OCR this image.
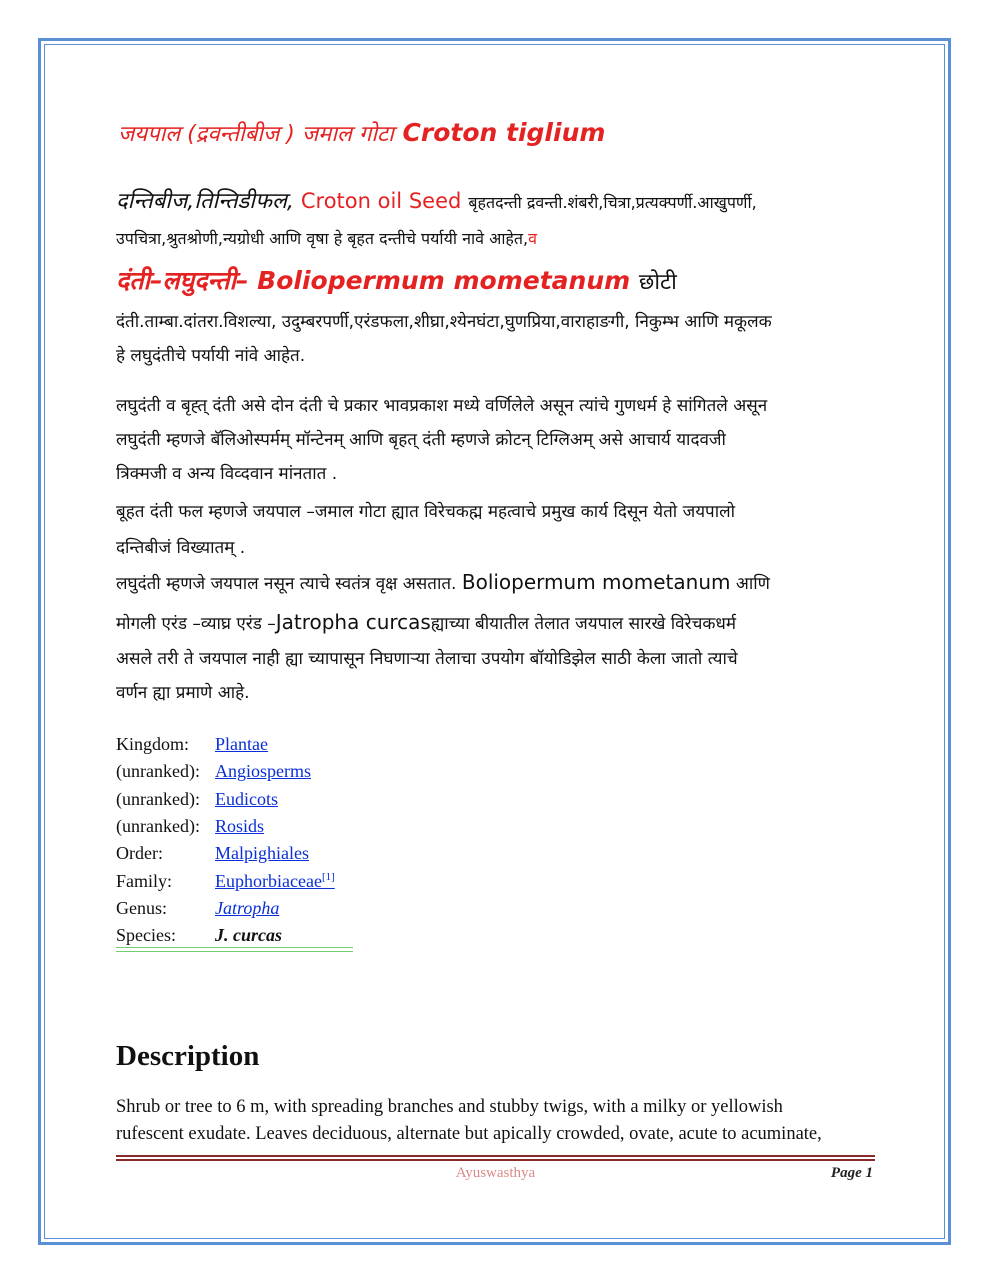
जयपाल (द्रवन्तीबीज ) जमाल गोटा Croton tiglium
दन्तिबीज,तिन्तिडीफल, Croton oil Seed बृहतदन्ती द्रवन्ती.शंबरी,चित्रा,प्रत्यक्पर्णी.आखुपर्णी,
उपचित्रा,श्रुतश्रोणी,न्यग्रोधी आणि वृषा हे बृहत दन्तीचे पर्यायी नावे आहेत,व
दंती–लघुदन्ती– Boliopermum mometanum छोटी
दंती.ताम्बा.दांतरा.विशल्या, उदुम्बरपर्णी,एरंडफला,शीघ्रा,श्येनघंटा,घुणप्रिया,वाराहाङगी, निकुम्भ आणि मकूलक
हे लघुदंतीचे पर्यायी नांवे आहेत.
लघुदंती व बृह्त् दंती असे दोन दंती चे प्रकार भावप्रकाश मध्ये वर्णिलेले असून त्यांचे गुणधर्म हे सांगितले असून
लघुदंती म्हणजे बॅलिओस्पर्मम् मॉन्टेनम् आणि बृहत् दंती म्हणजे क्रोटन् टिग्लिअम् असे आचार्य यादवजी
त्रिक्मजी व अन्य विव्दवान मांनतात .
बूहत दंती फल म्हणजे जयपाल –जमाल गोटा ह्यात विरेचकह्म महत्वाचे प्रमुख कार्य दिसून येतो जयपालो
दन्तिबीजं विख्यातम् .
लघुदंती म्हणजे जयपाल नसून त्याचे स्वतंत्र वृक्ष असतात. Boliopermum mometanum आणि
मोगली एरंड –व्याघ्र एरंड –Jatropha curcasह्याच्या बीयातील तेलात जयपाल सारखे विरेचकधर्म
असले तरी ते जयपाल नाही ह्या च्यापासून निघणाऱ्या तेलाचा उपयोग बॉयोडिझेल साठी केला जातो त्याचे
वर्णन ह्या प्रमाणे आहे.
Kingdom:	Plantae
(unranked):	Angiosperms
(unranked):	Eudicots
(unranked):	Rosids
Order:	Malpighiales
Family:	Euphorbiaceae[1]
Genus:	Jatropha
Species:	J. curcas
Description
Shrub or tree to 6 m, with spreading branches and stubby twigs, with a milky or yellowish
rufescent exudate. Leaves deciduous, alternate but apically crowded, ovate, acute to acuminate,
Ayuswasthya	Page 1
